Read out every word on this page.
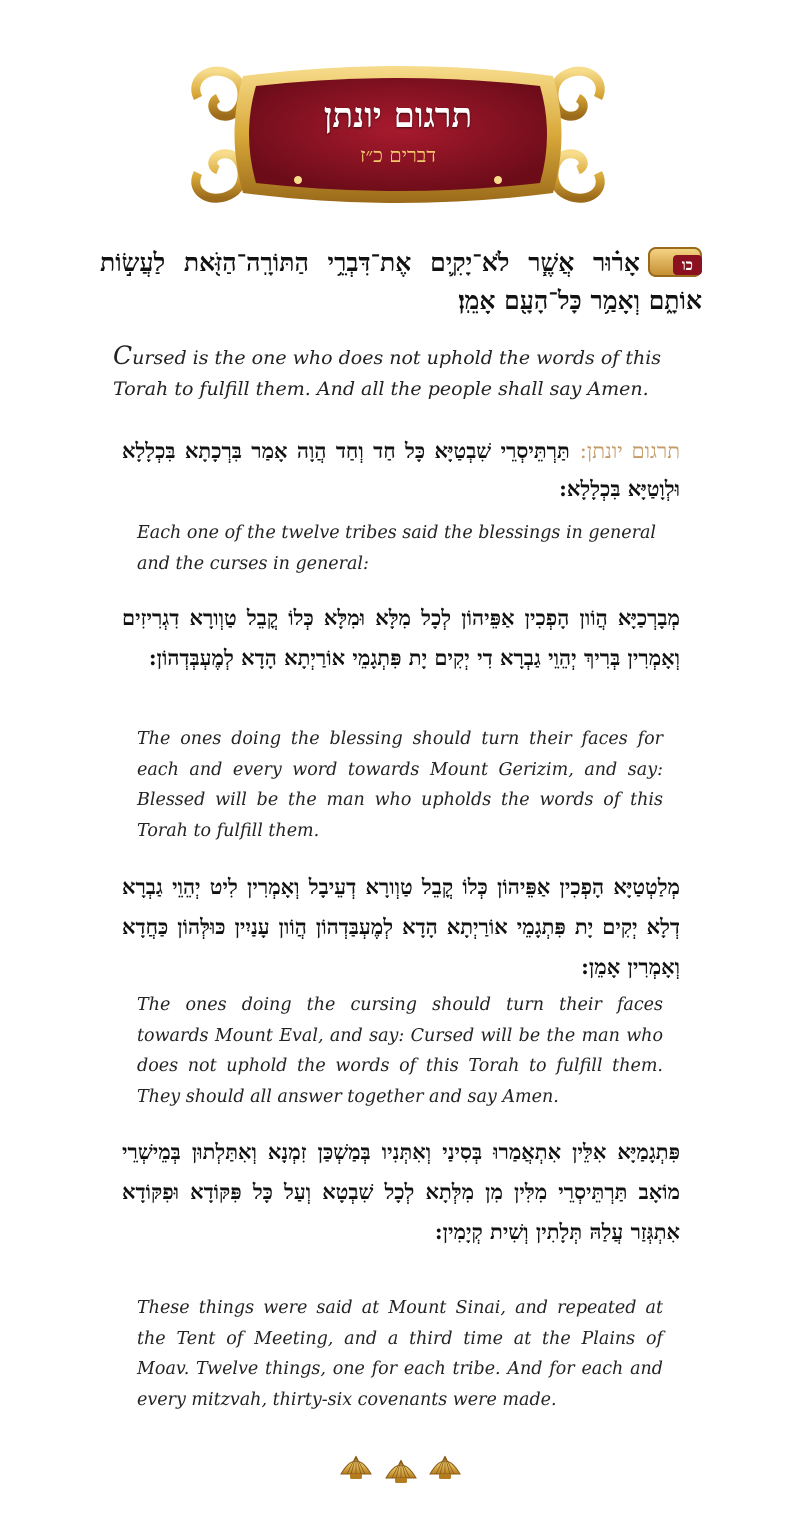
תרגום יונתן
דברים כ״ז
כואָר֗וּר אֲשֶׁ֧ר לֹא־יָקִ֛ים אֶת־דִּבְרֵ֥י הַתּוֹרָֽה־הַזֹּ֖את לַעֲשׂ֣וֹת אוֹתָ֑ם וְאָמַ֥ר כָּל־הָעָ֖ם אָמֵֽן׃
Cursed is the one who does not uphold the words of this Torah to fulfill them. And all the people shall say Amen.
תרגום יונתן:תַּרְתֵּיסְרֵי שִׁבְטַיָּא כָּל חַד וְחַד הֲוָה אָמַר בִּרְכָתָא בִּכְלָלָא וּלְוָטַיָּא בִּכְלָלָא:
Each one of the twelve tribes said the blessings in general and the curses in general:
מְבָרְכַיָּא הֲוֹון הָפְכִין אַפֵּיהוֹן לְכָל מִלָּא וּמִלָּא כְּלוֹ קֳבֵל טַוְורָא דִגְרִיזִים וְאָמְרִין בְּרִיךְ יְהֵוֵי גַבְרָא דִי יְקִים יָת פִּתְגָמֵי אוֹרַיְתָא הָדָא לְמֶעְבְּדְהוֹן:
The ones doing the blessing should turn their faces for each and every word towards Mount Gerizim, and say: Blessed will be the man who upholds the words of this Torah to fulfill them.
מְלַטְטַיָּא הָפְכִין אַפֵּיהוֹן כְּלוֹ קֳבֵל טַוְורָא דְעֵיבָל וְאָמְרִין לִיט יְהֵוֵי גַבְרָא דְלָא יְקִים יָת פִּתְגָמֵי אוֹרַיְתָא הָדָא לְמֶעְבַּדְהוֹן הֲוֹון עָנַיִין כּוּלְּהוֹן כַּחֲדָא וְאָמְרִין אָמֵן:
The ones doing the cursing should turn their faces towards Mount Eval, and say: Cursed will be the man who does not uphold the words of this Torah to fulfill them. They should all answer together and say Amen.
פִּתְגָמַיָּא אִלֵּין אִתְאֲמַרוּ בְּסִינַי וְאִתְּנִיו בְּמַשְׁכַּן זִמְנָא וְאִתַּלְתוּן בְּמֵישְׁרֵי מוֹאָב תַּרְתֵּיסְרֵי מִלִּין מִן מִלְּתָא לְכָל שִׁבְטָא וְעַל כָּל פִּקּוֹדָא וּפִקּוֹדָא אִתְגְּזַר עֲלַהּ תְּלָתִין וְשִׁית קְיָמִין:
These things were said at Mount Sinai, and repeated at the Tent of Meeting, and a third time at the Plains of Moav. Twelve things, one for each tribe. And for each and every mitzvah, thirty-six covenants were made.
